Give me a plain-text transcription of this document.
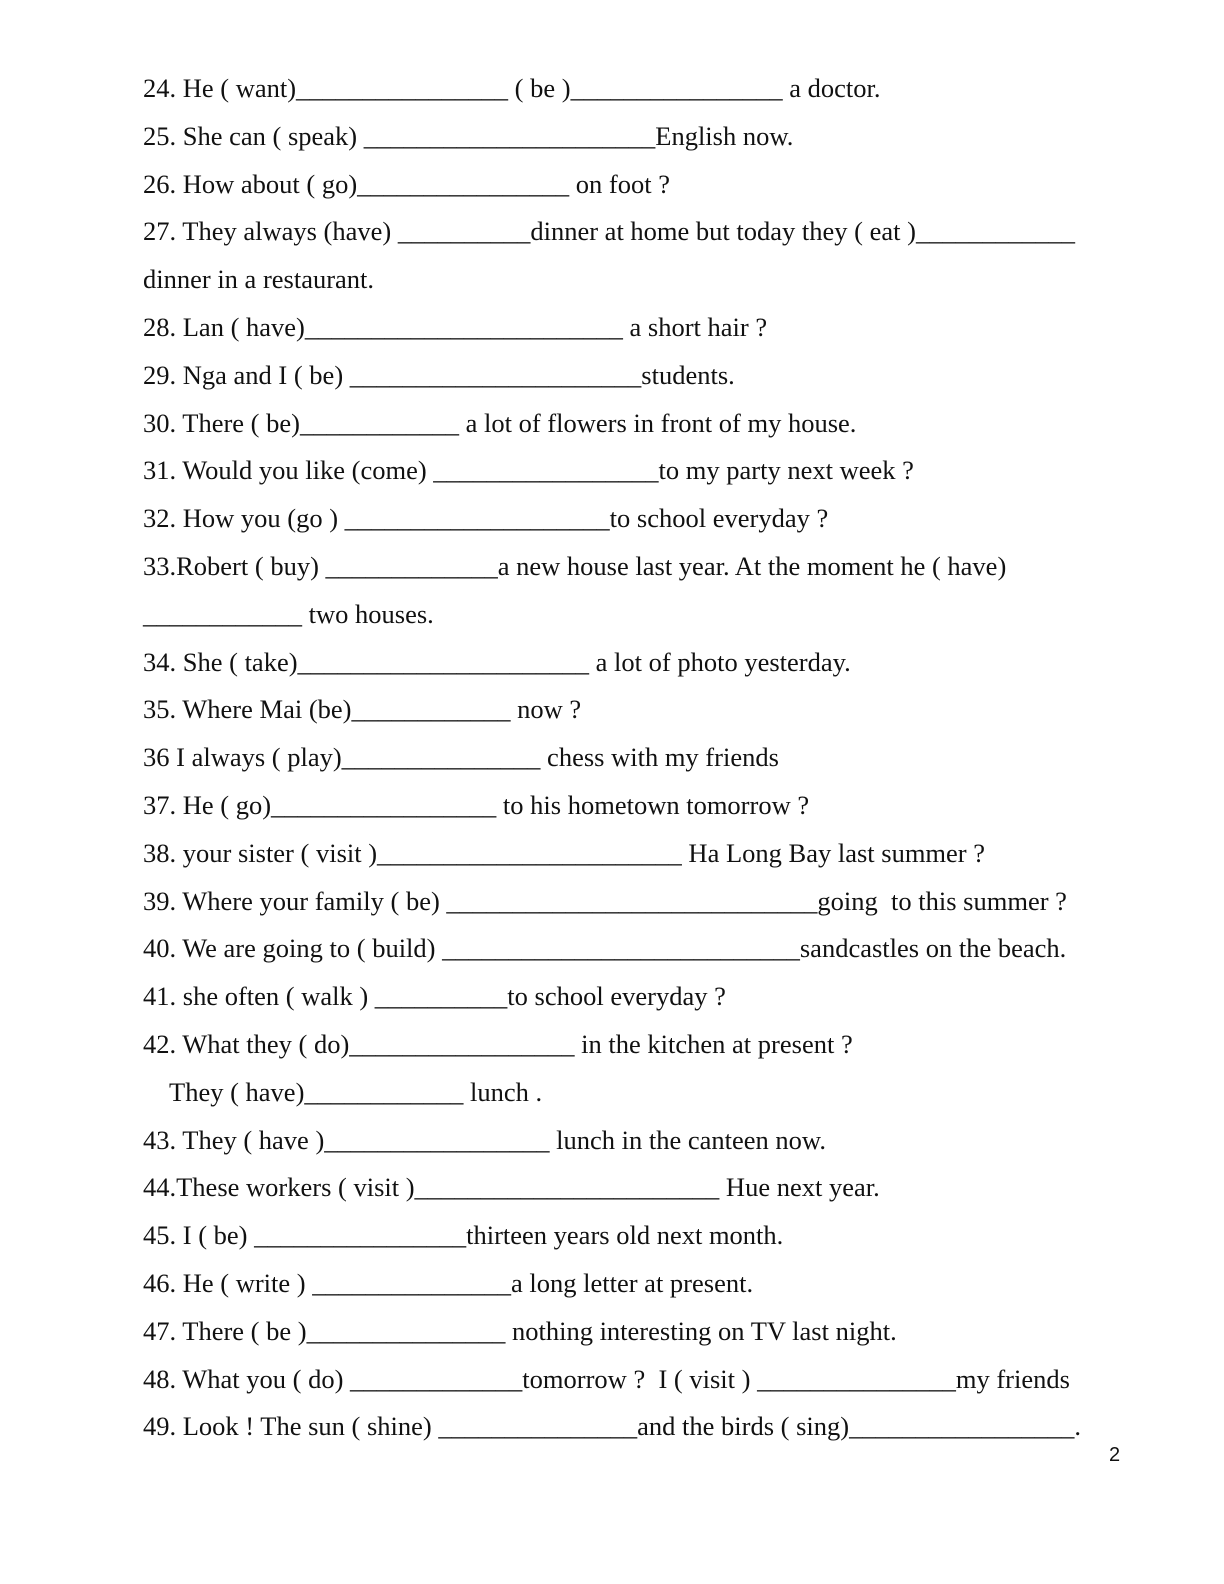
24. He ( want)________________ ( be )________________ a doctor.
25. She can ( speak) ______________________English now.
26. How about ( go)________________ on foot ?
27. They always (have) __________dinner at home but today they ( eat )____________
dinner in a restaurant.
28. Lan ( have)________________________ a short hair ?
29. Nga and I ( be) ______________________students.
30. There ( be)____________ a lot of flowers in front of my house.
31. Would you like (come) _________________to my party next week ?
32. How you (go ) ____________________to school everyday ?
33.Robert ( buy) _____________a new house last year. At the moment he ( have)
____________ two houses.
34. She ( take)______________________ a lot of photo yesterday.
35. Where Mai (be)____________ now ?
36 I always ( play)_______________ chess with my friends
37. He ( go)_________________ to his hometown tomorrow ?
38. your sister ( visit )_______________________ Ha Long Bay last summer ?
39. Where your family ( be) ____________________________going  to this summer ?
40. We are going to ( build) ___________________________sandcastles on the beach.
41. she often ( walk ) __________to school everyday ?
42. What they ( do)_________________ in the kitchen at present ?
They ( have)____________ lunch .
43. They ( have )_________________ lunch in the canteen now.
44.These workers ( visit )_______________________ Hue next year.
45. I ( be) ________________thirteen years old next month.
46. He ( write ) _______________a long letter at present.
47. There ( be )_______________ nothing interesting on TV last night.
48. What you ( do) _____________tomorrow ?  I ( visit ) _______________my friends
49. Look ! The sun ( shine) _______________and the birds ( sing)_________________.
2
